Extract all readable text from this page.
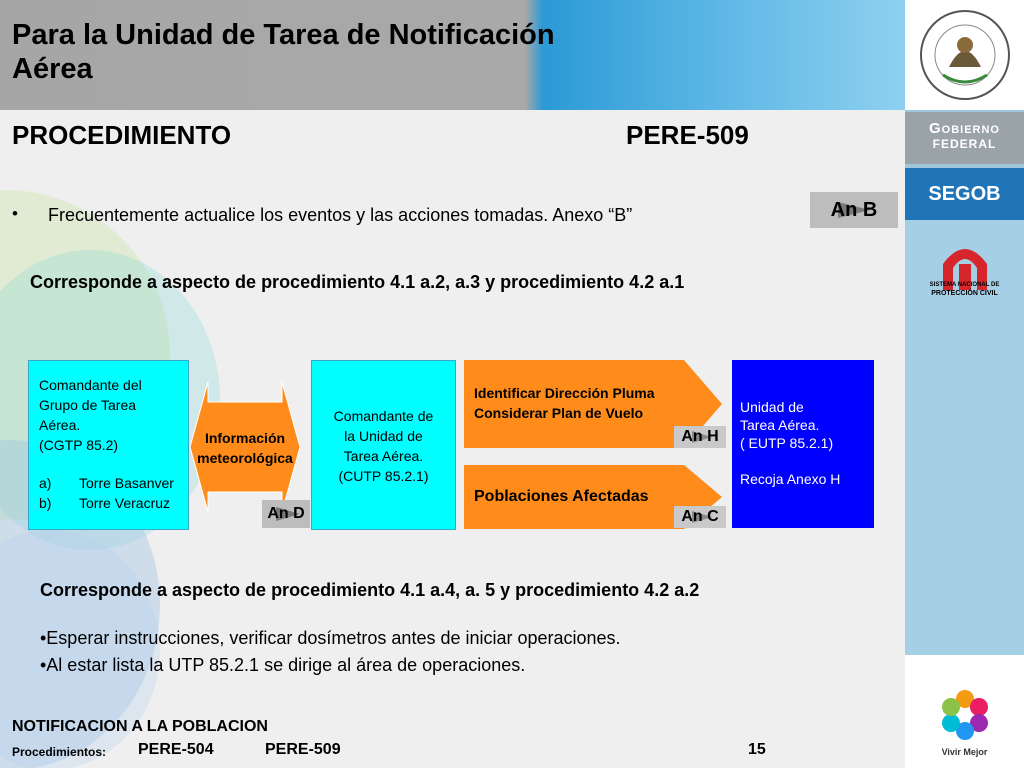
Para la Unidad de Tarea de Notificación Aérea
PROCEDIMIENTO	PERE-509
• Frecuentemente actualice los eventos y las acciones tomadas. Anexo “B”	An B
Corresponde a aspecto de procedimiento 4.1 a.2, a.3 y procedimiento 4.2 a.1
Comandante del
Grupo de Tarea
Aérea.
(CGTP 85.2)
a) Torre Basanver
b) Torre Veracruz
Información
meteorológica
An D
Comandante de
la Unidad de
Tarea Aérea.
(CUTP 85.2.1)
Identificar Dirección Pluma
Considerar Plan de Vuelo
An H
Poblaciones Afectadas
An C
Unidad de
Tarea Aérea.
( EUTP 85.2.1)
Recoja Anexo H
Corresponde a aspecto de procedimiento 4.1 a.4, a. 5 y procedimiento 4.2 a.2
•Esperar instrucciones, verificar dosímetros antes de iniciar operaciones.
•Al estar lista la UTP 85.2.1 se dirige al área de operaciones.
NOTIFICACION A LA POBLACION
Procedimientos: PERE-504	PERE-509	15
Gobierno
FEDERAL
SEGOB
SISTEMA NACIONAL DE
PROTECCIÓN CIVIL
Vivir Mejor
